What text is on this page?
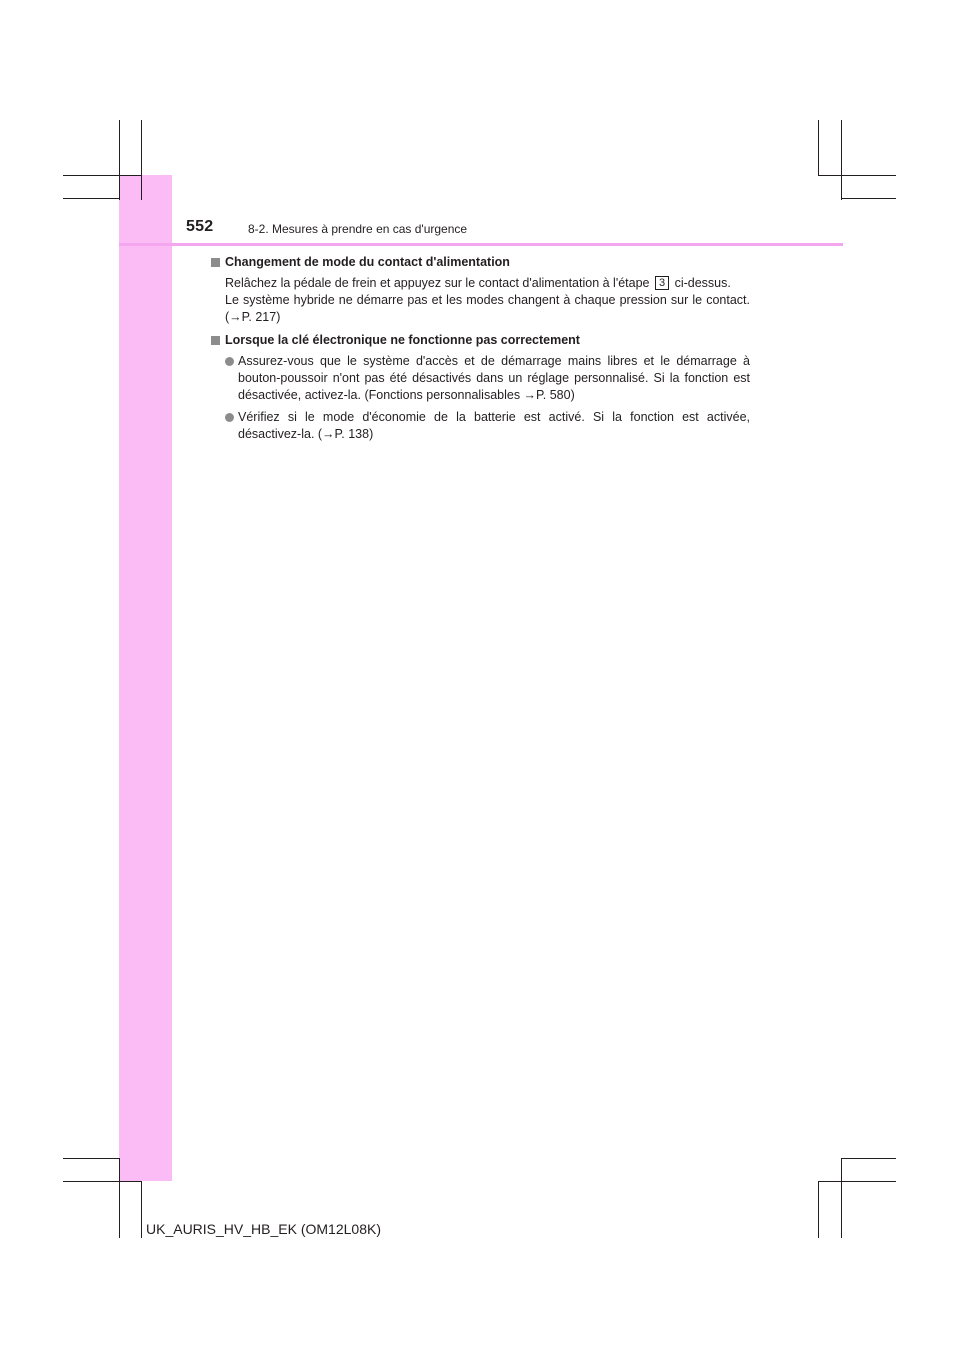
552	8-2. Mesures à prendre en cas d'urgence
Changement de mode du contact d'alimentation
Relâchez la pédale de frein et appuyez sur le contact d'alimentation à l'étape 3 ci-dessus.
Le système hybride ne démarre pas et les modes changent à chaque pression sur le contact. (→P. 217)
Lorsque la clé électronique ne fonctionne pas correctement
Assurez-vous que le système d'accès et de démarrage mains libres et le démarrage à bouton-poussoir n'ont pas été désactivés dans un réglage personnalisé. Si la fonction est désactivée, activez-la. (Fonctions personnalisables →P. 580)
Vérifiez si le mode d'économie de la batterie est activé. Si la fonction est activée, désactivez-la. (→P. 138)
UK_AURIS_HV_HB_EK (OM12L08K)
